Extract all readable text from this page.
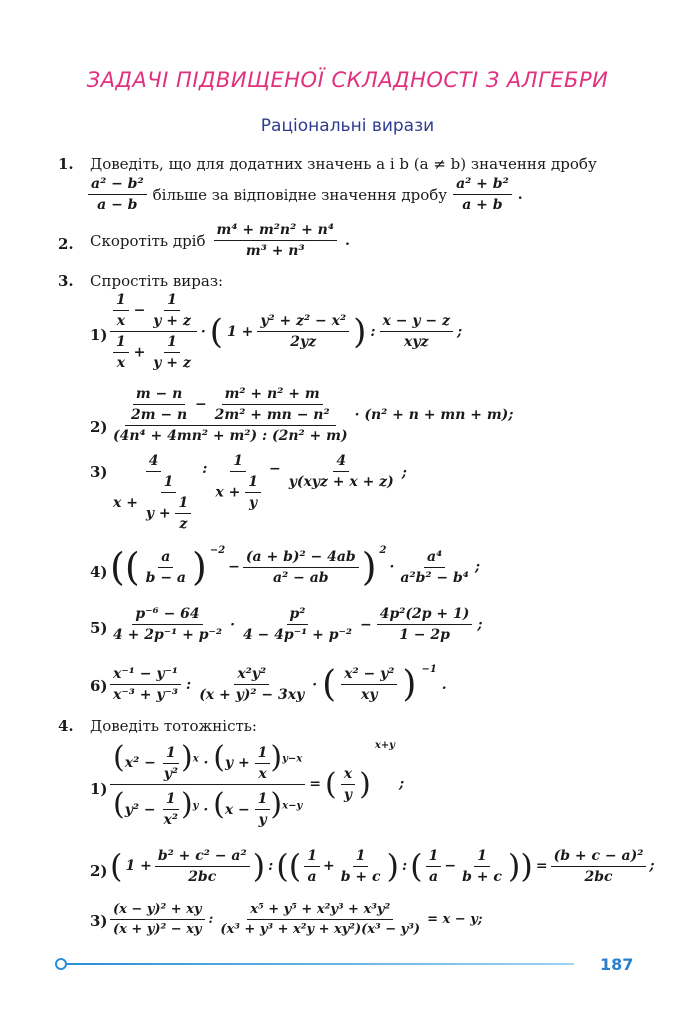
ЗАДАЧІ ПІДВИЩЕНОЇ СКЛАДНОСТІ З АЛГЕБРИ
Раціональні вирази
1. Доведіть, що для додатних значень a і b (a ≠ b) значення дробу
$\frac{\text{a² − b²}}{a - b}$ більше за відповідне значення дробу $\frac{\text{a² + b²}}{a + b}$ .
2. Скоротіть дріб $\frac{\text{m⁴ + m²n² + n⁴}}{\text{m³ + n³}}$ .
3. Спростіть вираз:
1)
$\frac{1}{x} - \frac{1}{y + z}$
$\frac{1}{x} + \frac{1}{y + z}$
· ( $1 + \frac{\text{y² + z² − x²}}{2yz}$ ) :
x − y − z
xyz
;
2)
$\frac{m - n}{2m - n} - \frac{\text{m² + n² + m}}{\text{2m² + mn − n²}}$
(4n⁴ + 4mn² + m²) : (2n² + m)
· (n² + n + mn + m);
3)
4
$x + \frac{1}{y + \frac{1}{z}}$
: 1
$x + \frac{1}{y}$
−	4
y(xyz + x + z)
;
4) (( a
b − a ) −2
− $\frac{\text{(a + b)² − 4ab}}{\text{a² − ab}}$ ) 2
·
a⁴
a²b² − b⁴
;
5)
p⁻⁶ − 64
4 + 2p⁻¹ + p⁻²
·
p²
4 − 4p⁻¹ + p⁻²
− $\frac{\text{4p²(2p + 1)}}{1 - 2p}$ ;
6)
x⁻¹ − y⁻¹
x⁻³ + y⁻³
:
x²y²
(x + y)² − 3xy
· ( x² − y²
xy ) −1
.
4. Доведіть тотожність:
$1) \frac{(x^2 - \frac{1}{\text{y²}} )^x \cdot (y + \frac{1}{x} )^{y-x}}{(y^2 - \frac{1}{\text{x²}} )^y \cdot (x - \frac{1}{y} )^{x-y}}$ = ( x
y )
x+y
;
2) ( 1 +
b² + c² − a²
2bc ) : (( 1
a
+
1
b + c ) : ( 1
a
−
1
b + c )) = $\frac{\text{(b + c − a)²}}{2bc}$ ;
3)
(x − y)² + xy
(x + y)² − xy
: $\frac{\text{x⁵ + y⁵ + x²y³ + x³y²}}{\text{(x³ + y³ + x²y + xy²)(x³ − y³)}} = x - y$;
187
